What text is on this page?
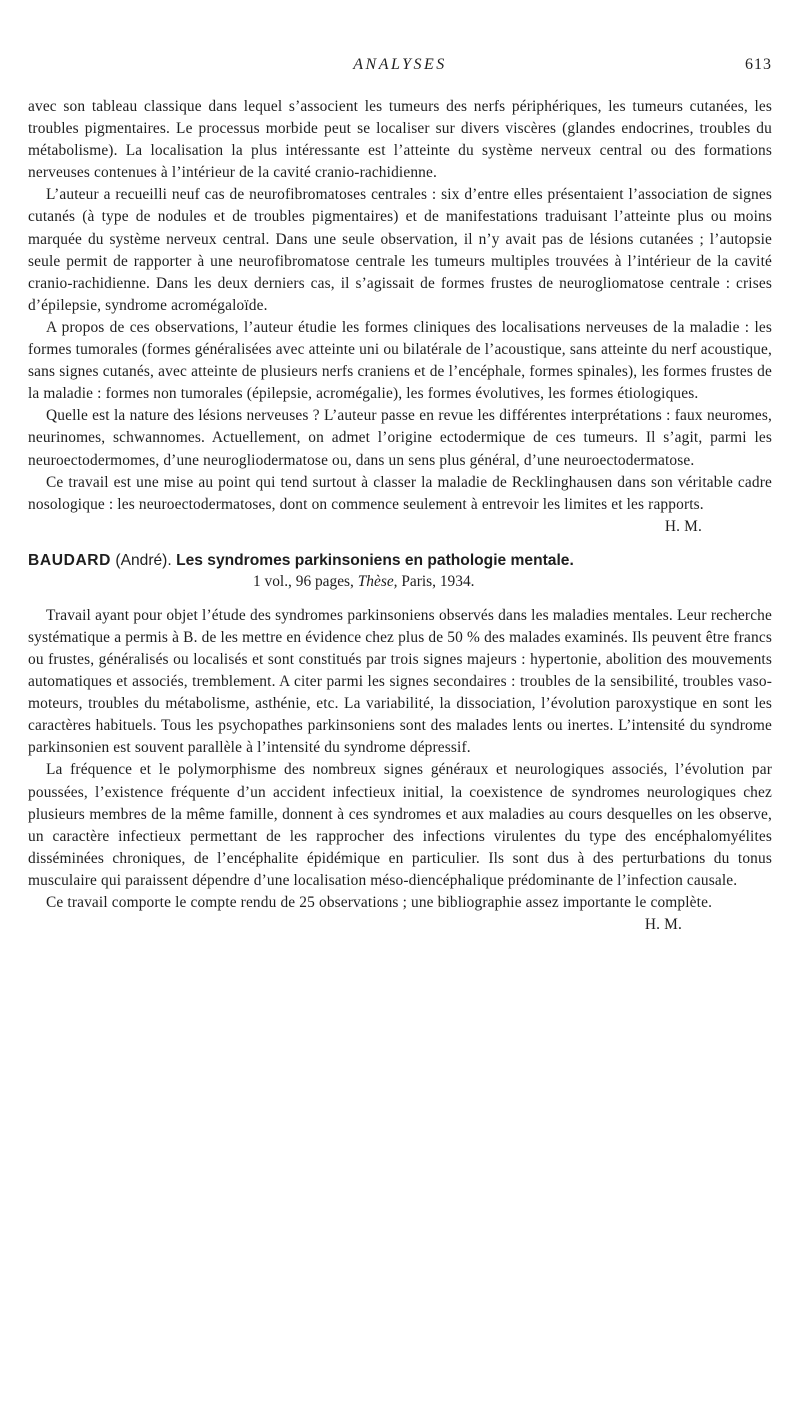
ANALYSES	613

avec son tableau classique dans lequel s’associent les tumeurs des nerfs périphériques, les tumeurs cutanées, les troubles pigmentaires. Le processus morbide peut se localiser sur divers viscères (glandes endocrines, troubles du métabolisme). La localisation la plus intéressante est l’atteinte du système nerveux central ou des formations nerveuses contenues à l’intérieur de la cavité cranio-rachidienne.

L’auteur a recueilli neuf cas de neurofibromatoses centrales : six d’entre elles présentaient l’association de signes cutanés (à type de nodules et de troubles pigmentaires) et de manifestations traduisant l’atteinte plus ou moins marquée du système nerveux central. Dans une seule observation, il n’y avait pas de lésions cutanées ; l’autopsie seule permit de rapporter à une neurofibromatose centrale les tumeurs multiples trouvées à l’intérieur de la cavité cranio-rachidienne. Dans les deux derniers cas, il s’agissait de formes frustes de neurogliomatose centrale : crises d’épilepsie, syndrome acromégaloïde.

A propos de ces observations, l’auteur étudie les formes cliniques des localisations nerveuses de la maladie : les formes tumorales (formes généralisées avec atteinte uni ou bilatérale de l’acoustique, sans atteinte du nerf acoustique, sans signes cutanés, avec atteinte de plusieurs nerfs craniens et de l’encéphale, formes spinales), les formes frustes de la maladie : formes non tumorales (épilepsie, acromégalie), les formes évolutives, les formes étiologiques.

Quelle est la nature des lésions nerveuses ? L’auteur passe en revue les différentes interprétations : faux neuromes, neurinomes, schwannomes. Actuellement, on admet l’origine ectodermique de ces tumeurs. Il s’agit, parmi les neuroectodermomes, d’une neurogliodermatose ou, dans un sens plus général, d’une neuroectodermatose.

Ce travail est une mise au point qui tend surtout à classer la maladie de Recklinghausen dans son véritable cadre nosologique : les neuroectodermatoses, dont on commence seulement à entrevoir les limites et les rapports.
H. M.

BAUDARD (André). Les syndromes parkinsoniens en pathologie mentale.
1 vol., 96 pages, Thèse, Paris, 1934.

Travail ayant pour objet l’étude des syndromes parkinsoniens observés dans les maladies mentales. Leur recherche systématique a permis à B. de les mettre en évidence chez plus de 50 % des malades examinés. Ils peuvent être francs ou frustes, généralisés ou localisés et sont constitués par trois signes majeurs : hypertonie, abolition des mouvements automatiques et associés, tremblement. A citer parmi les signes secondaires : troubles de la sensibilité, troubles vaso-moteurs, troubles du métabolisme, asthénie, etc. La variabilité, la dissociation, l’évolution paroxystique en sont les caractères habituels. Tous les psychopathes parkinsoniens sont des malades lents ou inertes. L’intensité du syndrome parkinsonien est souvent parallèle à l’intensité du syndrome dépressif.

La fréquence et le polymorphisme des nombreux signes généraux et neurologiques associés, l’évolution par poussées, l’existence fréquente d’un accident infectieux initial, la coexistence de syndromes neurologiques chez plusieurs membres de la même famille, donnent à ces syndromes et aux maladies au cours desquelles on les observe, un caractère infectieux permettant de les rapprocher des infections virulentes du type des encéphalomyélites disséminées chroniques, de l’encéphalite épidémique en particulier. Ils sont dus à des perturbations du tonus musculaire qui paraissent dépendre d’une localisation méso-diencéphalique prédominante de l’infection causale.

Ce travail comporte le compte rendu de 25 observations ; une bibliographie assez importante le complète.
H. M.
